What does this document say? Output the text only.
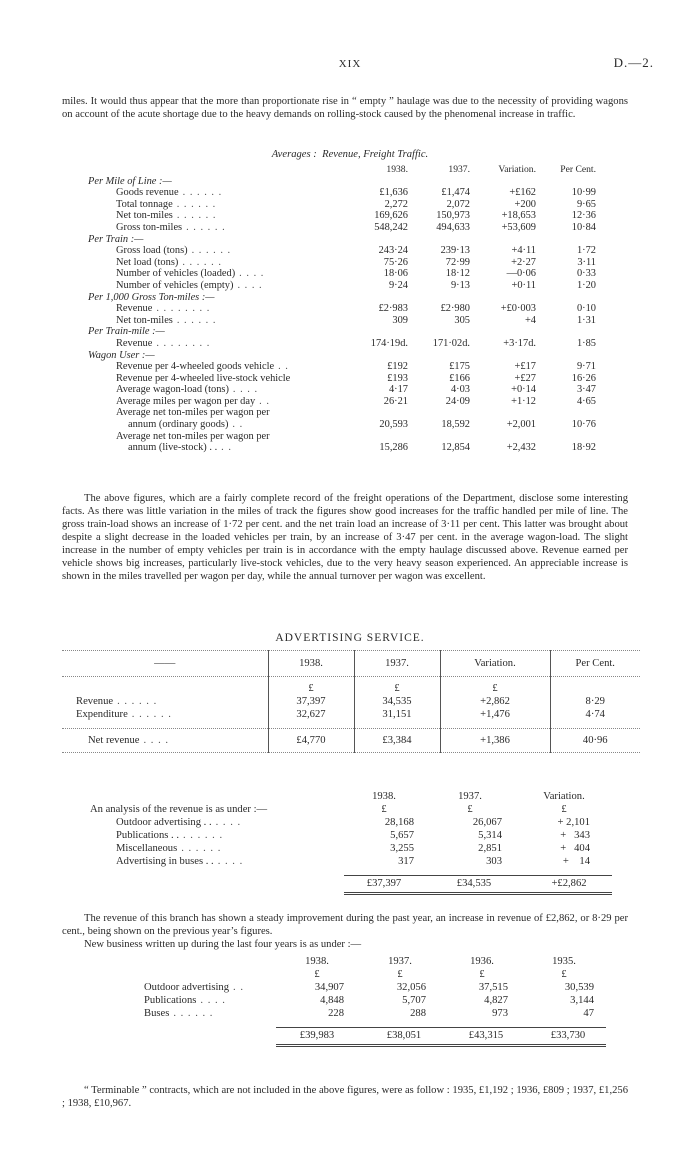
XIX	D.—2.
miles. It would thus appear that the more than proportionate rise in “ empty ” haulage was due to the necessity of providing wagons on account of the acute shortage due to the heavy demands on rolling-stock caused by the phenomenal increase in traffic.
Averages : Revenue, Freight Traffic.
	1938.	1937.	Variation.	Per Cent.
Per Mile of Line :—				
Goods revenue . . . . . .	£1,636	£1,474	+£162	10·99
Total tonnage . . . . . .	2,272	2,072	+200	9·65
Net ton-miles . . . . . .	169,626	150,973	+18,653	12·36
Gross ton-miles . . . . . .	548,242	494,633	+53,609	10·84
Per Train :—				
Gross load (tons) . . . . . .	243·24	239·13	+4·11	1·72
Net load (tons) . . . . . .	75·26	72·99	+2·27	3·11
Number of vehicles (loaded) . . . .	18·06	18·12	—0·06	0·33
Number of vehicles (empty) . . . .	9·24	9·13	+0·11	1·20
Per 1,000 Gross Ton-miles :—				
Revenue . . . . . . . .	£2·983	£2·980	+£0·003	0·10
Net ton-miles . . . . . .	309	305	+4	1·31
Per Train-mile :—				
Revenue . . . . . . . .	174·19d.	171·02d.	+3·17d.	1·85
Wagon User :—				
Revenue per 4-wheeled goods vehicle . .	£192	£175	+£17	9·71
Revenue per 4-wheeled live-stock vehicle	£193	£166	+£27	16·26
Average wagon-load (tons) . . . .	4·17	4·03	+0·14	3·47
Average miles per wagon per day . .	26·21	24·09	+1·12	4·65
Average net ton-miles per wagon per				
annum (ordinary goods) . .	20,593	18,592	+2,001	10·76
Average net ton-miles per wagon per				
annum (live-stock) . . . .	15,286	12,854	+2,432	18·92
The above figures, which are a fairly complete record of the freight operations of the Department, disclose some interesting facts. As there was little variation in the miles of track the figures show good increases for the traffic handled per mile of line. The gross train-load shows an increase of 1·72 per cent. and the net train load an increase of 3·11 per cent. This latter was brought about despite a slight decrease in the loaded vehicles per train, by an increase of 3·47 per cent. in the average wagon-load. The slight increase in the number of empty vehicles per train is in accordance with the empty haulage discussed above. Revenue earned per vehicle shows big increases, particularly live-stock vehicles, due to the very heavy season experienced. An appreciable increase is shown in the miles travelled per wagon per day, while the annual turnover per wagon was excellent.
ADVERTISING SERVICE.
——	1938.	1937.	Variation.	Per Cent.
	£	£	£	
Revenue . . . . . .	37,397	34,535	+2,862	8·29
Expenditure . . . . . .	32,627	31,151	+1,476	4·74

Net revenue . . . .	£4,770	£3,384	+1,386	40·96
	1938.	1937.	Variation.
An analysis of the revenue is as under :—	£	£	£
Outdoor advertising . . . . . .	28,168	26,067	+ 2,101
Publications . . . . . . . .	5,657	5,314	+   343
Miscellaneous . . . . . .	3,255	2,851	+   404
Advertising in buses . . . . . .	317	303	+    14

	£37,397	£34,535	+£2,862
The revenue of this branch has shown a steady improvement during the past year, an increase in revenue of £2,862, or 8·29 per cent., being shown on the previous year’s figures.
New business written up during the last four years is as under :—
	1938.	1937.	1936.	1935.
	£	£	£	£
Outdoor advertising . .	34,907	32,056	37,515	30,539
Publications . . . .	4,848	5,707	4,827	3,144
Buses . . . . . .	228	288	973	47

	£39,983	£38,051	£43,315	£33,730
“ Terminable ” contracts, which are not included in the above figures, were as follow : 1935, £1,192 ; 1936, £809 ; 1937, £1,256 ; 1938, £10,967.
